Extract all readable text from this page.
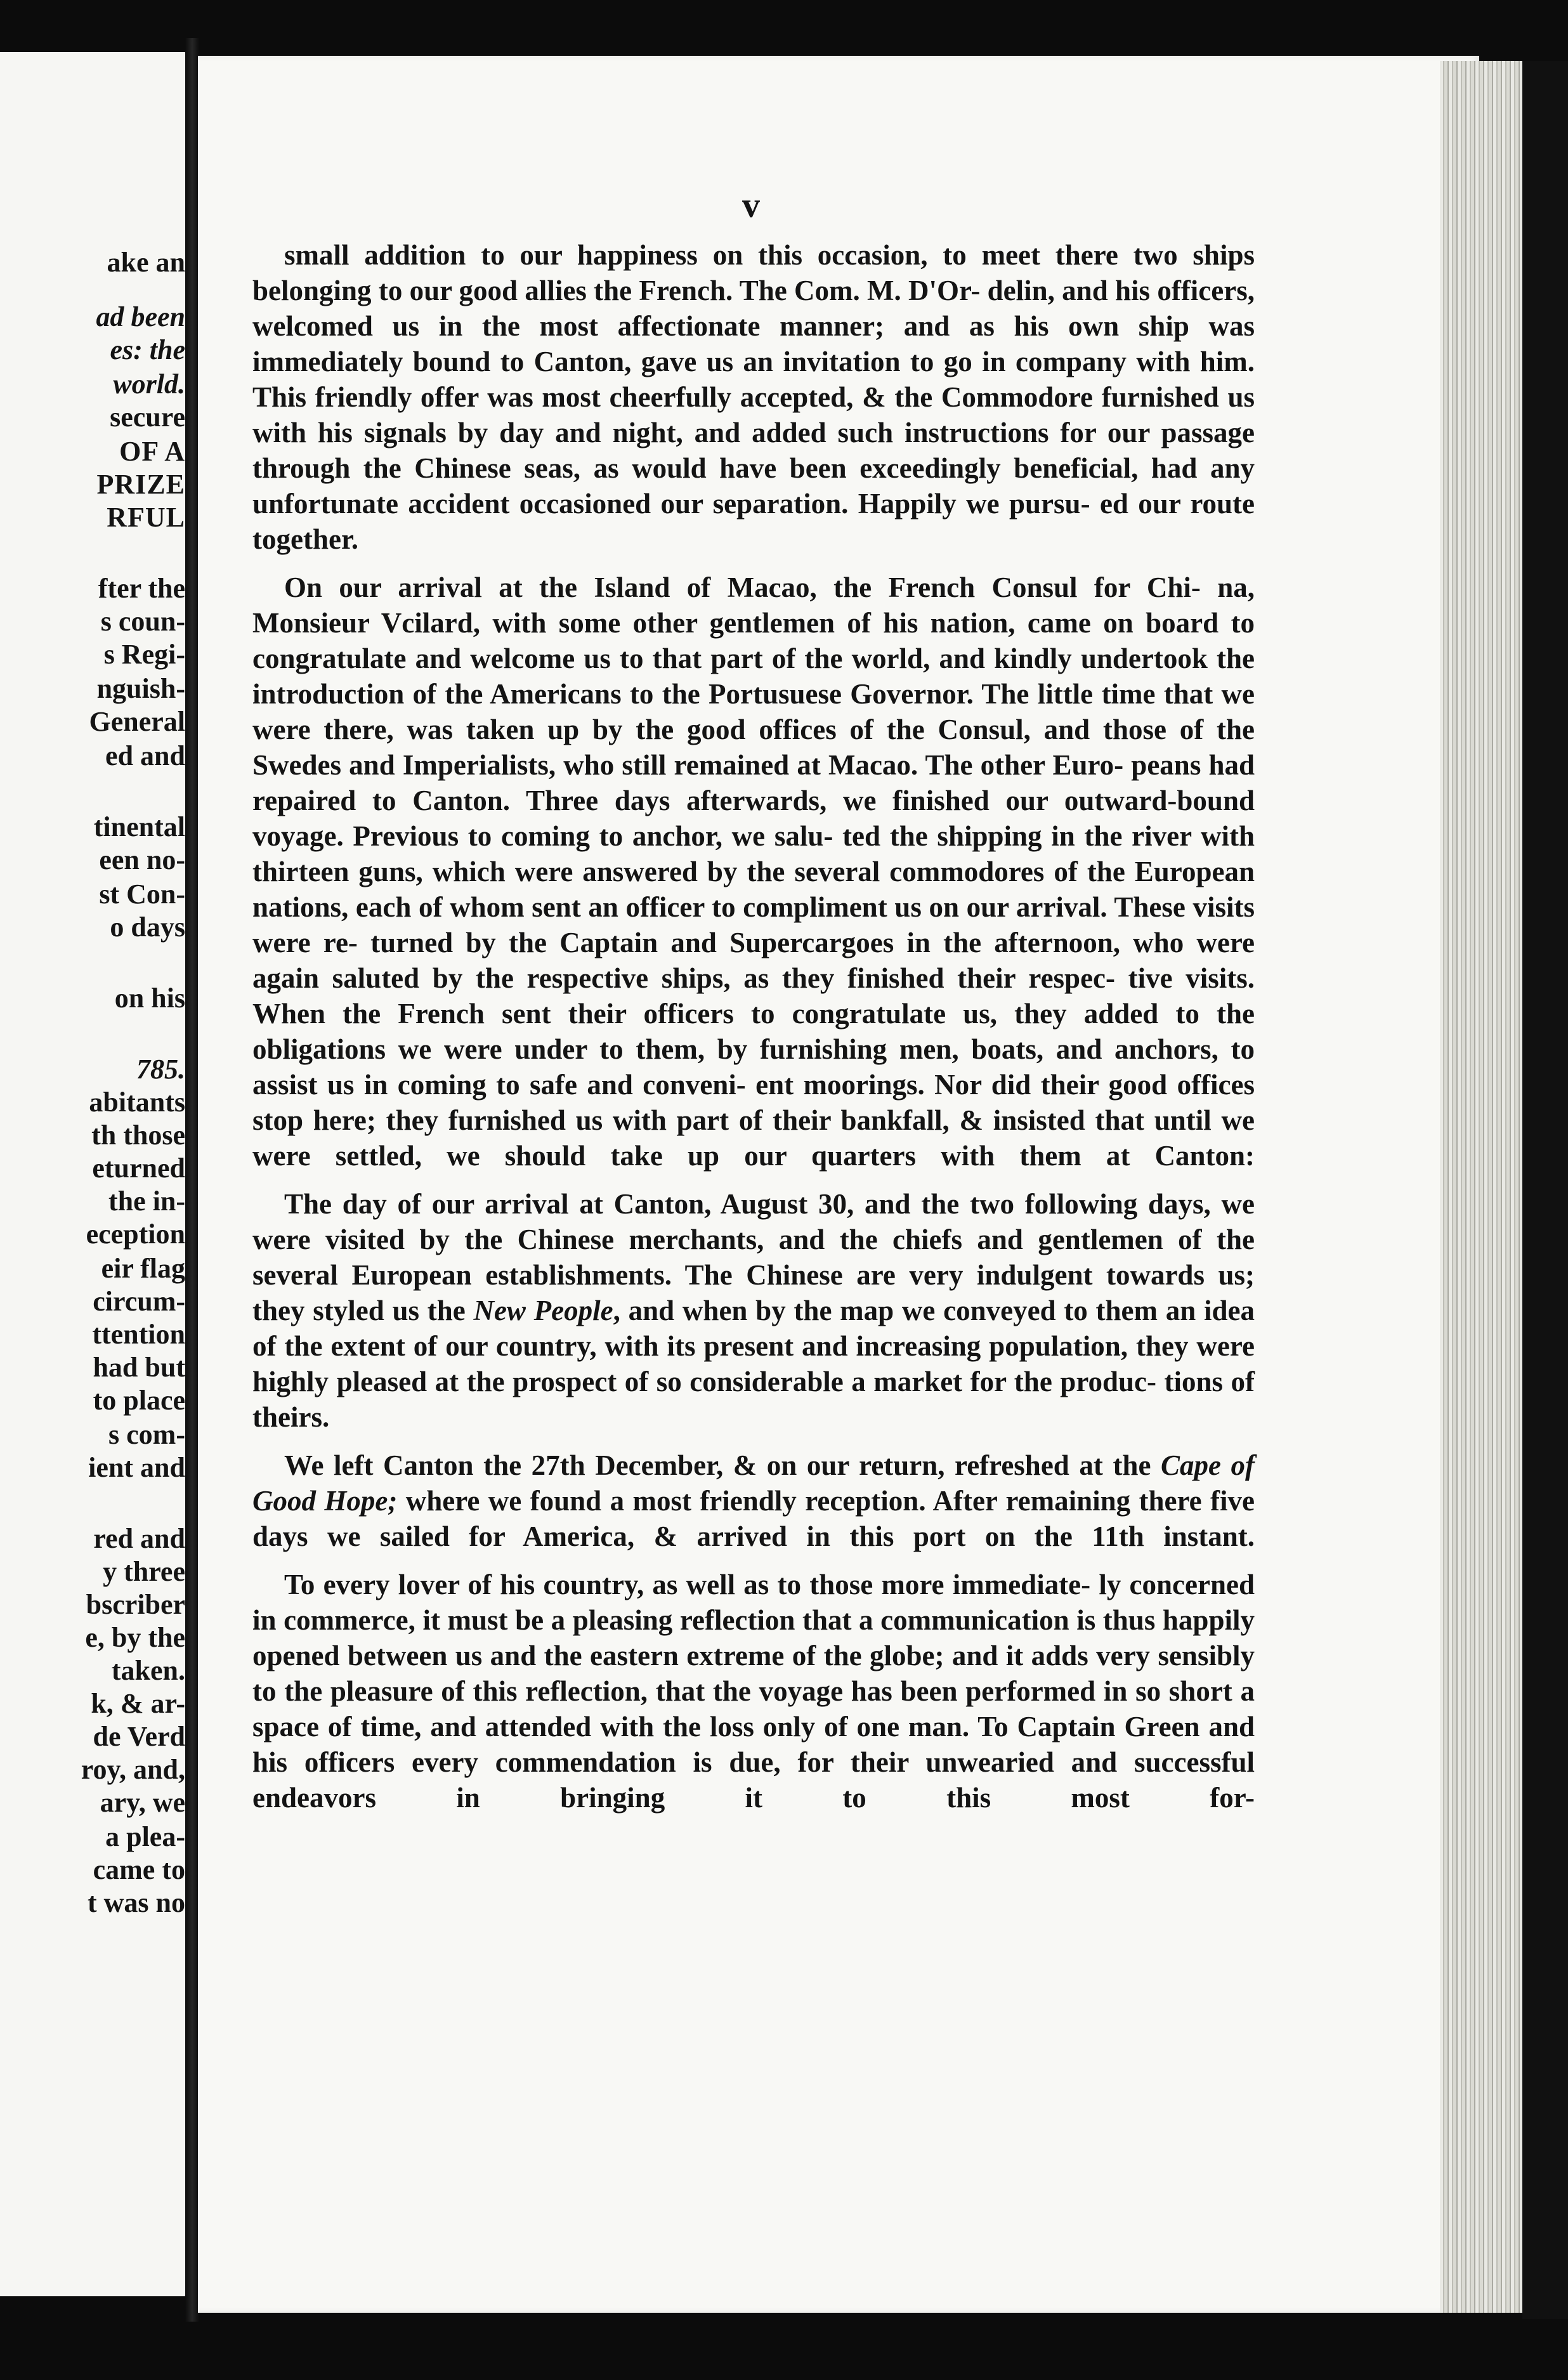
ake an
ad been
es: the
world.
secure
OF A
PRIZE
RFUL
fter the
s coun-
s Regi-
nguish-
General
ed and
tinental
een no-
st Con-
o days
on his
785.
abitants
th those
eturned
the in-
eception
eir flag
circum-
ttention
had but
to place
s com-
ient and
red and
y three
bscriber
e, by the
taken.
k, & ar-
de Verd
roy, and,
ary, we
a plea-
came to
t was no
v

small addition to our happiness on this occasion, to meet there two ships belonging to our good allies the French. The Com. M. D'Or- delin, and his officers, welcomed us in the most affectionate manner; and as his own ship was immediately bound to Canton, gave us an invitation to go in company with him. This friendly offer was most cheerfully accepted, & the Commodore furnished us with his signals by day and night, and added such instructions for our passage through the Chinese seas, as would have been exceedingly beneficial, had any unfortunate accident occasioned our separation. Happily we pursu- ed our route together.

On our arrival at the Island of Macao, the French Consul for Chi- na, Monsieur Vcilard, with some other gentlemen of his nation, came on board to congratulate and welcome us to that part of the world, and kindly undertook the introduction of the Americans to the Portusuese Governor. The little time that we were there, was taken up by the good offices of the Consul, and those of the Swedes and Imperialists, who still remained at Macao. The other Euro- peans had repaired to Canton. Three days afterwards, we finished our outward-bound voyage. Previous to coming to anchor, we salu- ted the shipping in the river with thirteen guns, which were answered by the several commodores of the European nations, each of whom sent an officer to compliment us on our arrival. These visits were re- turned by the Captain and Supercargoes in the afternoon, who were again saluted by the respective ships, as they finished their respec- tive visits. When the French sent their officers to congratulate us, they added to the obligations we were under to them, by furnishing men, boats, and anchors, to assist us in coming to safe and conveni- ent moorings. Nor did their good offices stop here; they furnished us with part of their bankfall, & insisted that until we were settled, we should take up our quarters with them at Canton:

The day of our arrival at Canton, August 30, and the two following days, we were visited by the Chinese merchants, and the chiefs and gentlemen of the several European establishments. The Chinese are very indulgent towards us; they styled us the New People, and when by the map we conveyed to them an idea of the extent of our country, with its present and increasing population, they were highly pleased at the prospect of so considerable a market for the produc- tions of theirs.

We left Canton the 27th December, & on our return, refreshed at the Cape of Good Hope; where we found a most friendly reception. After remaining there five days we sailed for America, & arrived in this port on the 11th instant.

To every lover of his country, as well as to those more immediate- ly concerned in commerce, it must be a pleasing reflection that a communication is thus happily opened between us and the eastern extreme of the globe; and it adds very sensibly to the pleasure of this reflection, that the voyage has been performed in so short a space of time, and attended with the loss only of one man. To Captain Green and his officers every commendation is due, for their unwearied and successful endeavors in bringing it to this most for-
